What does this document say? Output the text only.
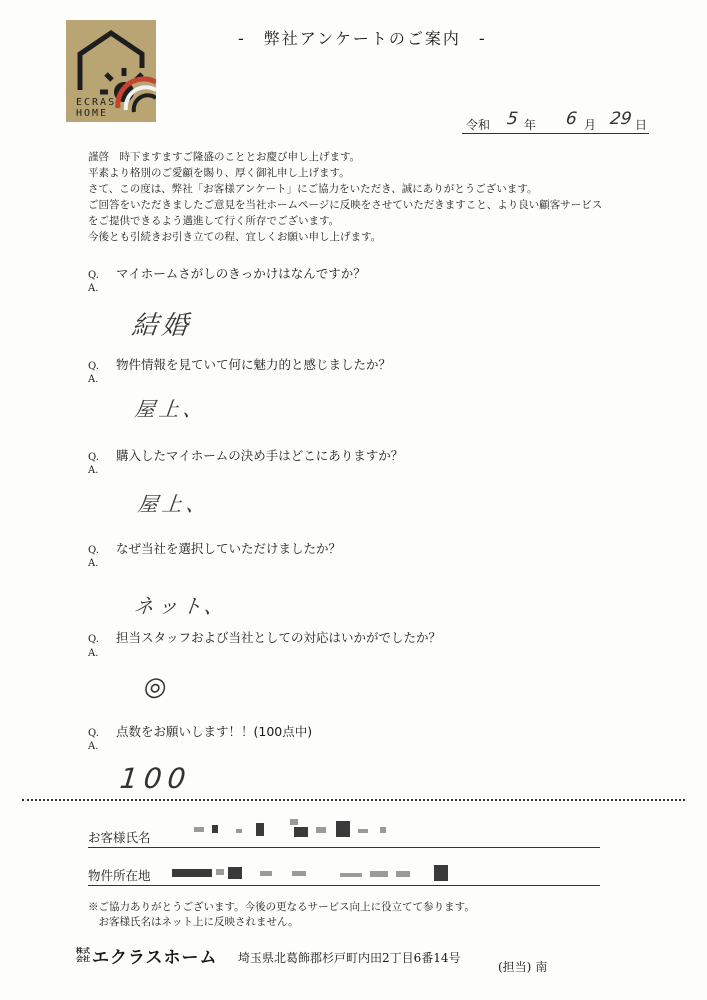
ECRAS
HOME
-　弊社アンケートのご案内　-
令和 5 年 6 月 29 日

謹啓　時下ますますご隆盛のこととお慶び申し上げます。

平素より格別のご愛顧を賜り、厚く御礼申し上げます。

さて、この度は、弊社「お客様アンケート」にご協力をいただき、誠にありがとうございます。

ご回答をいただきましたご意見を当社ホームページに反映をさせていただきますこと、より良い顧客サービス

をご提供できるよう邁進して行く所存でございます。

今後とも引続きお引き立ての程、宜しくお願い申し上げます。

Q. マイホームさがしのきっかけはなんですか？
A.
結婚
Q. 物件情報を見ていて何に魅力的と感じましたか？
A.
屋上、
Q. 購入したマイホームの決め手はどこにありますか？
A.
屋上、
Q. なぜ当社を選択していただけましたか？
A.
ネット、
Q. 担当スタッフおよび当社としての対応はいかがでしたか？
A.
◎
Q. 点数をお願いします！！(100点中)
A.
100
お客様氏名
物件所在地

※ご協力ありがとうございます。今後の更なるサービス向上に役立てて参ります。

　お客様氏名はネット上に反映されません。

株式会社 エクラスホーム 埼玉県北葛飾郡杉戸町内田2丁目6番14号
(担当) 南
